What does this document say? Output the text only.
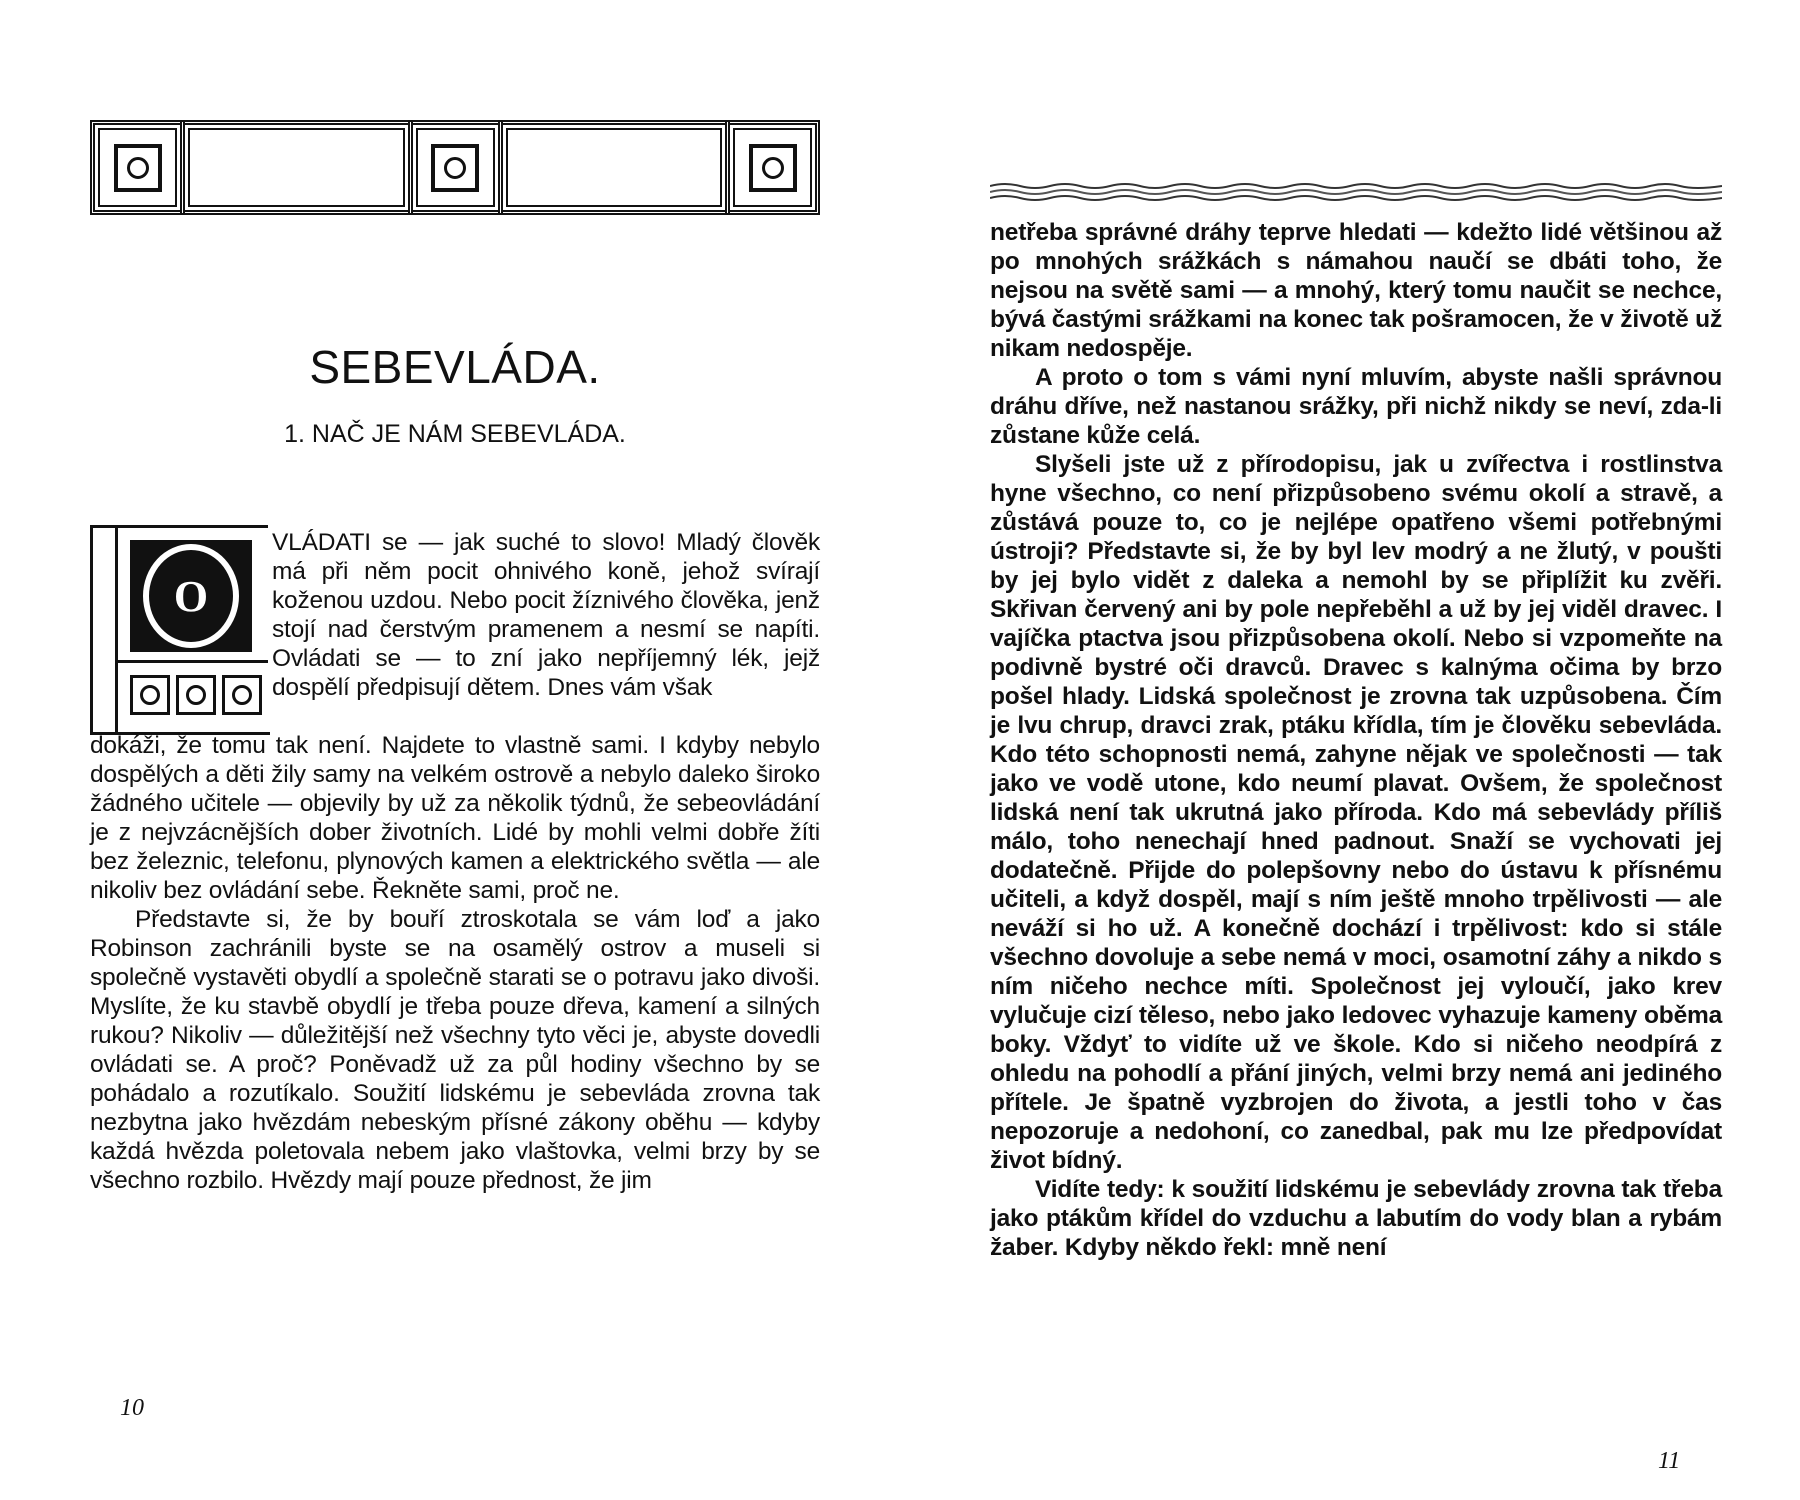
SEBEVLÁDA.
1. NAČ JE NÁM SEBEVLÁDA.
O

VLÁDATI se — jak suché to slovo! Mladý člověk má při něm pocit ohnivého koně, jehož svírají koženou uzdou. Nebo pocit žíznivého člověka, jenž stojí nad čerstvým pramenem a nesmí se napíti. Ovládati se — to zní jako nepříjemný lék, jejž dospělí předpisují dětem. Dnes vám však

dokáži, že tomu tak není. Najdete to vlastně sami. I kdyby nebylo dospělých a děti žily samy na velkém ostrově a nebylo daleko široko žádného učitele — objevily by už za několik týdnů, že sebeovládání je z nejvzácnějších dober životních. Lidé by mohli velmi dobře žíti bez železnic, telefonu, plynových kamen a elektrického světla — ale nikoliv bez ovládání sebe. Řekněte sami, proč ne.

Představte si, že by bouří ztroskotala se vám loď a jako Robinson zachránili byste se na osamělý ostrov a museli si společně vystavěti obydlí a společně starati se o potravu jako divoši. Myslíte, že ku stavbě obydlí je třeba pouze dřeva, kamení a silných rukou? Nikoliv — důležitější než všechny tyto věci je, abyste dovedli ovládati se. A proč? Poněvadž už za půl hodiny všechno by se pohádalo a rozutíkalo. Soužití lidskému je sebevláda zrovna tak nezbytna jako hvězdám nebeským přísné zákony oběhu — kdyby každá hvězda poletovala nebem jako vlaštovka, velmi brzy by se všechno rozbilo. Hvězdy mají pouze přednost, že jim

10

netřeba správné dráhy teprve hledati — kdežto lidé většinou až po mnohých srážkách s námahou naučí se dbáti toho, že nejsou na světě sami — a mnohý, který tomu naučit se nechce, bývá častými srážkami na konec tak pošramocen, že v životě už nikam nedospěje.

A proto o tom s vámi nyní mluvím, abyste našli správnou dráhu dříve, než nastanou srážky, při nichž nikdy se neví, zda-li zůstane kůže celá.

Slyšeli jste už z přírodopisu, jak u zvířectva i rostlinstva hyne všechno, co není přizpůsobeno svému okolí a stravě, a zůstává pouze to, co je nejlépe opatřeno všemi potřebnými ústroji? Představte si, že by byl lev modrý a ne žlutý, v poušti by jej bylo vidět z daleka a nemohl by se připlížit ku zvěři. Skřivan červený ani by pole nepřeběhl a už by jej viděl dravec. I vajíčka ptactva jsou přizpůsobena okolí. Nebo si vzpomeňte na podivně bystré oči dravců. Dravec s kalnýma očima by brzo pošel hlady. Lidská společnost je zrovna tak uzpůsobena. Čím je lvu chrup, dravci zrak, ptáku křídla, tím je člověku sebevláda. Kdo této schopnosti nemá, zahyne nějak ve společnosti — tak jako ve vodě utone, kdo neumí plavat. Ovšem, že společnost lidská není tak ukrutná jako příroda. Kdo má sebevlády příliš málo, toho nenechají hned padnout. Snaží se vychovati jej dodatečně. Přijde do polepšovny nebo do ústavu k přísnému učiteli, a když dospěl, mají s ním ještě mnoho trpělivosti — ale neváží si ho už. A konečně dochází i trpělivost: kdo si stále všechno dovoluje a sebe nemá v moci, osamotní záhy a nikdo s ním ničeho nechce míti. Společnost jej vyloučí, jako krev vylučuje cizí těleso, nebo jako ledovec vyhazuje kameny oběma boky. Vždyť to vidíte už ve škole. Kdo si ničeho neodpírá z ohledu na pohodlí a přání jiných, velmi brzy nemá ani jediného přítele. Je špatně vyzbrojen do života, a jestli toho v čas nepozoruje a nedohoní, co zanedbal, pak mu lze předpovídat život bídný.

Vidíte tedy: k soužití lidskému je sebevlády zrovna tak třeba jako ptákům křídel do vzduchu a labutím do vody blan a rybám žaber. Kdyby někdo řekl: mně není

11
